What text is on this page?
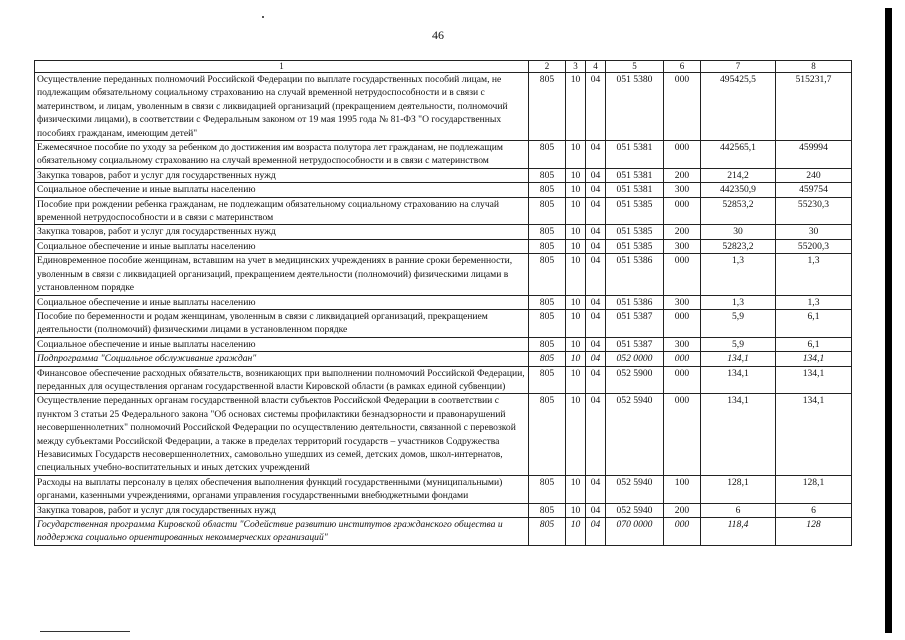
46
1	2	3	4	5	6	7	8
Осуществление переданных полномочий Российской Федерации по выплате государственных пособий лицам, не подлежащим обязательному социальному страхованию на случай временной нетрудоспособности и в связи с материнством, и лицам, уволенным в связи с ликвидацией организаций (прекращением деятельности, полномочий физическими лицами), в соответствии с Федеральным законом от 19 мая 1995 года № 81-ФЗ "О государственных пособиях гражданам, имеющим детей"	805	10	04	051 5380	000	495425,5	515231,7
Ежемесячное пособие по уходу за ребенком до достижения им возраста полутора лет гражданам, не подлежащим обязательному социальному страхованию на случай временной нетрудоспособности и в связи с материнством	805	10	04	051 5381	000	442565,1	459994
Закупка товаров, работ и услуг для государственных нужд	805	10	04	051 5381	200	214,2	240
Социальное обеспечение и иные выплаты населению	805	10	04	051 5381	300	442350,9	459754
Пособие при рождении ребенка гражданам, не подлежащим обязательному социальному страхованию на случай временной нетрудоспособности и в связи с материнством	805	10	04	051 5385	000	52853,2	55230,3
Закупка товаров, работ и услуг для государственных нужд	805	10	04	051 5385	200	30	30
Социальное обеспечение и иные выплаты населению	805	10	04	051 5385	300	52823,2	55200,3
Единовременное пособие женщинам, вставшим на учет в медицинских учреждениях в ранние сроки беременности, уволенным в связи с ликвидацией организаций, прекращением деятельности (полномочий) физическими лицами в установленном порядке	805	10	04	051 5386	000	1,3	1,3
Социальное обеспечение и иные выплаты населению	805	10	04	051 5386	300	1,3	1,3
Пособие по беременности и родам женщинам, уволенным в связи с ликвидацией организаций, прекращением деятельности (полномочий) физическими лицами в установленном порядке	805	10	04	051 5387	000	5,9	6,1
Социальное обеспечение и иные выплаты населению	805	10	04	051 5387	300	5,9	6,1
Подпрограмма "Социальное обслуживание граждан"	805	10	04	052 0000	000	134,1	134,1
Финансовое обеспечение расходных обязательств, возникающих при выполнении полномочий Российской Федерации, переданных для осуществления органам государственной власти Кировской области (в рамках единой субвенции)	805	10	04	052 5900	000	134,1	134,1
Осуществление переданных органам государственной власти субъектов Российской Федерации в соответствии с пунктом 3 статьи 25 Федерального закона "Об основах системы профилактики безнадзорности и правонарушений несовершеннолетних" полномочий Российской Федерации по осуществлению деятельности, связанной с перевозкой между субъектами Российской Федерации, а также в пределах территорий государств – участников Содружества Независимых Государств несовершеннолетних, самовольно ушедших из семей, детских домов, школ-интернатов, специальных учебно-воспитательных и иных детских учреждений	805	10	04	052 5940	000	134,1	134,1
Расходы на выплаты персоналу в целях обеспечения выполнения функций государственными (муниципальными) органами, казенными учреждениями, органами управления государственными внебюджетными фондами	805	10	04	052 5940	100	128,1	128,1
Закупка товаров, работ и услуг для государственных нужд	805	10	04	052 5940	200	6	6
Государственная программа Кировской области "Содействие развитию институтов гражданского общества и поддержка социально ориентированных некоммерческих организаций"	805	10	04	070 0000	000	118,4	128
